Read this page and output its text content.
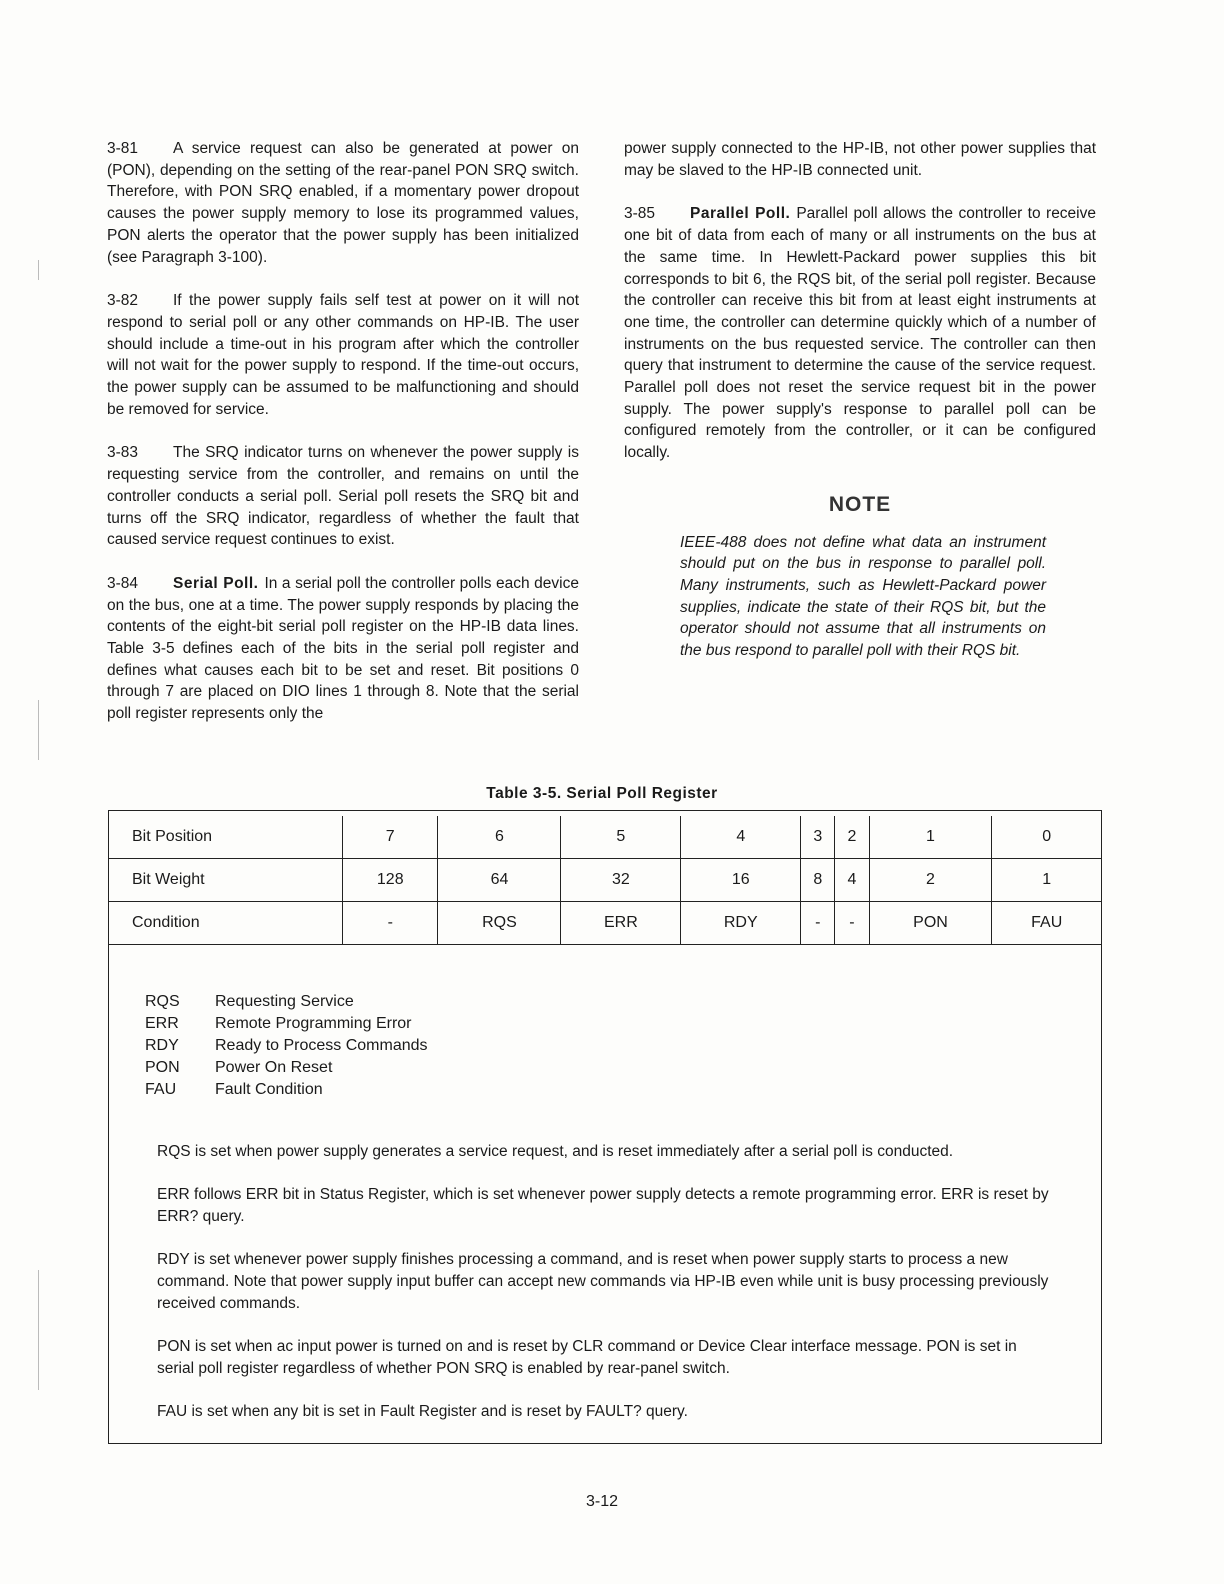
3-81 A service request can also be generated at power on (PON), depending on the setting of the rear-panel PON SRQ switch. Therefore, with PON SRQ enabled, if a momentary power dropout causes the power supply memory to lose its programmed values, PON alerts the operator that the power supply has been initialized (see Paragraph 3-100).

3-82 If the power supply fails self test at power on it will not respond to serial poll or any other commands on HP-IB. The user should include a time-out in his program after which the controller will not wait for the power supply to respond. If the time-out occurs, the power supply can be assumed to be malfunctioning and should be removed for service.

3-83 The SRQ indicator turns on whenever the power supply is requesting service from the controller, and remains on until the controller conducts a serial poll. Serial poll resets the SRQ bit and turns off the SRQ indicator, regardless of whether the fault that caused service request continues to exist.

3-84 Serial Poll. In a serial poll the controller polls each device on the bus, one at a time. The power supply responds by placing the contents of the eight-bit serial poll register on the HP-IB data lines. Table 3-5 defines each of the bits in the serial poll register and defines what causes each bit to be set and reset. Bit positions 0 through 7 are placed on DIO lines 1 through 8. Note that the serial poll register represents only the

power supply connected to the HP-IB, not other power supplies that may be slaved to the HP-IB connected unit.

3-85 Parallel Poll. Parallel poll allows the controller to receive one bit of data from each of many or all instruments on the bus at the same time. In Hewlett-Packard power supplies this bit corresponds to bit 6, the RQS bit, of the serial poll register. Because the controller can receive this bit from at least eight instruments at one time, the controller can determine quickly which of a number of instruments on the bus requested service. The controller can then query that instrument to determine the cause of the service request. Parallel poll does not reset the service request bit in the power supply. The power supply's response to parallel poll can be configured remotely from the controller, or it can be configured locally.

NOTE

IEEE-488 does not define what data an instrument should put on the bus in response to parallel poll. Many instruments, such as Hewlett-Packard power supplies, indicate the state of their RQS bit, but the operator should not assume that all instruments on the bus respond to parallel poll with their RQS bit.

Table 3-5. Serial Poll Register
Bit Position	7	6	5	4	3	2	1	0
Bit Weight	128	64	32	16	8	4	2	1
Condition	-	RQS	ERR	RDY	-	-	PON	FAU
RQS	Requesting Service
ERR	Remote Programming Error
RDY	Ready to Process Commands
PON	Power On Reset
FAU	Fault Condition

RQS is set when power supply generates a service request, and is reset immediately after a serial poll is conducted.

ERR follows ERR bit in Status Register, which is set whenever power supply detects a remote programming error. ERR is reset by ERR? query.

RDY is set whenever power supply finishes processing a command, and is reset when power supply starts to process a new command. Note that power supply input buffer can accept new commands via HP-IB even while unit is busy processing previously received commands.

PON is set when ac input power is turned on and is reset by CLR command or Device Clear interface message. PON is set in serial poll register regardless of whether PON SRQ is enabled by rear-panel switch.

FAU is set when any bit is set in Fault Register and is reset by FAULT? query.

3-12
